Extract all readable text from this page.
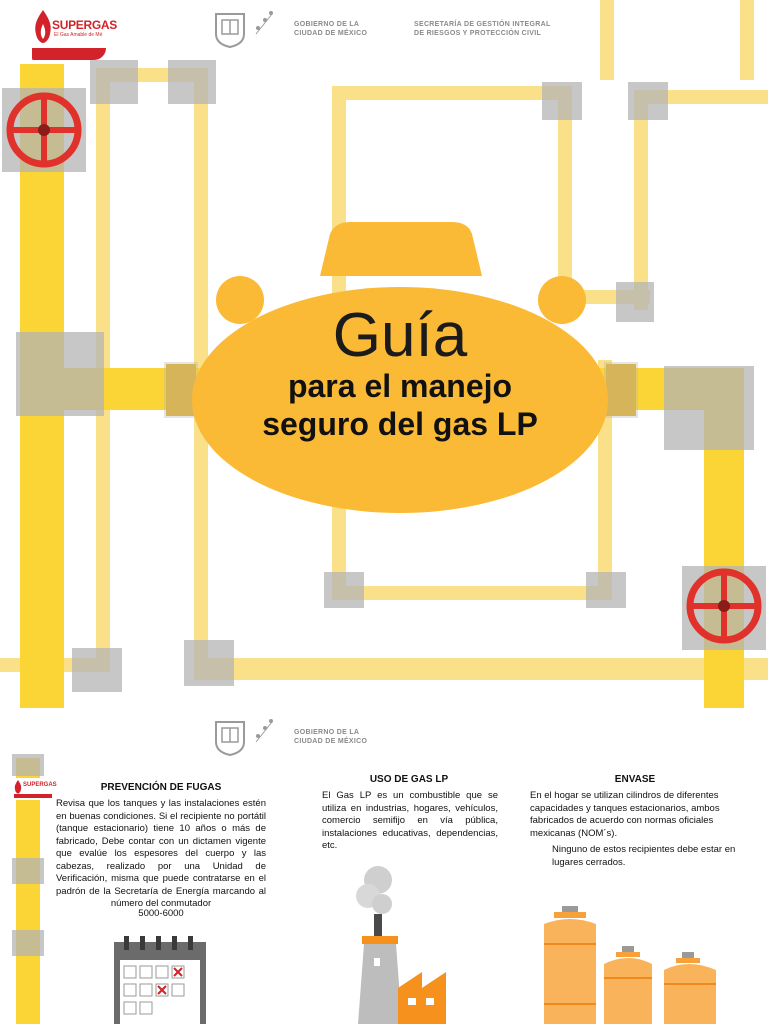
Guía
para el manejo
seguro del gas LP
SUPERGAS
El Gas Amable de Mé
GOBIERNO DE LA
CIUDAD DE MÉXICO
SECRETARÍA DE GESTIÓN INTEGRAL
DE RIESGOS Y PROTECCIÓN CIVIL
GOBIERNO DE LA
CIUDAD DE MÉXICO
SUPERGAS	PREVENCIÓN DE FUGAS
Revisa que los tanques y las instalaciones estén en buenas condiciones. Si el recipiente no portátil (tanque estacionario) tiene 10 años o más de fabricado, Debe contar con un dictamen vigente que evalúe los espesores del cuerpo y las cabezas, realizado por una Unidad de Verificación, misma que puede contratarse en el padrón de la Secretaría de Energía marcando al número del conmutador
5000-6000
USO DE GAS LP
El Gas LP es un combustible que se utiliza en industrias, hogares, vehículos, comercio semifijo en vía pública, instalaciones educativas, dependencias, etc.
ENVASE
En el hogar se utilizan cilindros de diferentes capacidades y tanques estacionarios, ambos fabricados de acuerdo con normas oficiales mexicanas (NOM´s).
Ninguno de estos recipientes debe estar en lugares cerrados.
